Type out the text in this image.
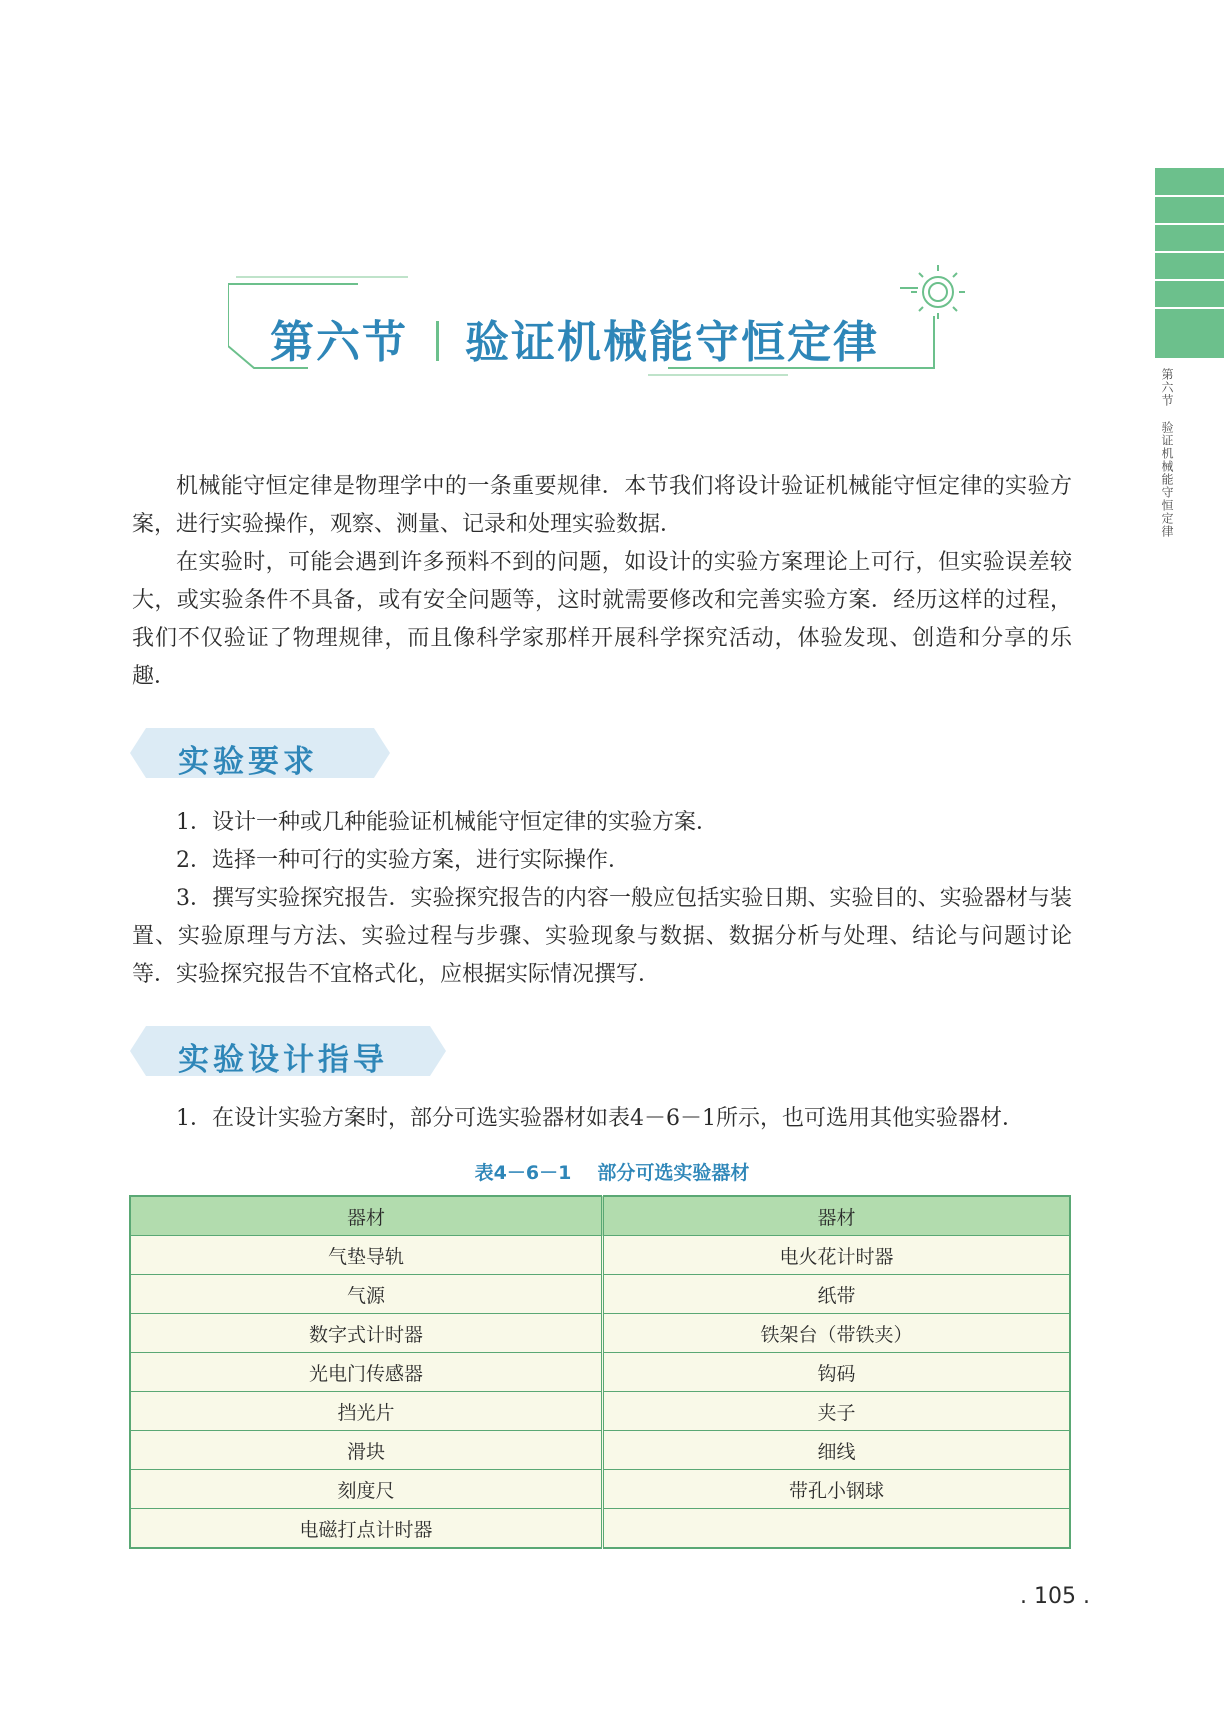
第六节验证机械能守恒定律
第六节 验证机械能守恒定律

机械能守恒定律是物理学中的一条重要规律．本节我们将设计验证机械能守恒定律的实验方案，进行实验操作，观察、测量、记录和处理实验数据．

在实验时，可能会遇到许多预料不到的问题，如设计的实验方案理论上可行，但实验误差较大，或实验条件不具备，或有安全问题等，这时就需要修改和完善实验方案．经历这样的过程，我们不仅验证了物理规律，而且像科学家那样开展科学探究活动，体验发现、创造和分享的乐趣．

实验要求

1．设计一种或几种能验证机械能守恒定律的实验方案．

2．选择一种可行的实验方案，进行实际操作．

3．撰写实验探究报告．实验探究报告的内容一般应包括实验日期、实验目的、实验器材与装置、实验原理与方法、实验过程与步骤、实验现象与数据、数据分析与处理、结论与问题讨论等．实验探究报告不宜格式化，应根据实际情况撰写．

实验设计指导

1．在设计实验方案时，部分可选实验器材如表4－6－1所示，也可选用其他实验器材．

表4－6－1 部分可选实验器材
器材	器材
气垫导轨	电火花计时器
气源	纸带
数字式计时器	铁架台（带铁夹）
光电门传感器	钩码
挡光片	夹子
滑块	细线
刻度尺	带孔小钢球
电磁打点计时器	
. 105 .
